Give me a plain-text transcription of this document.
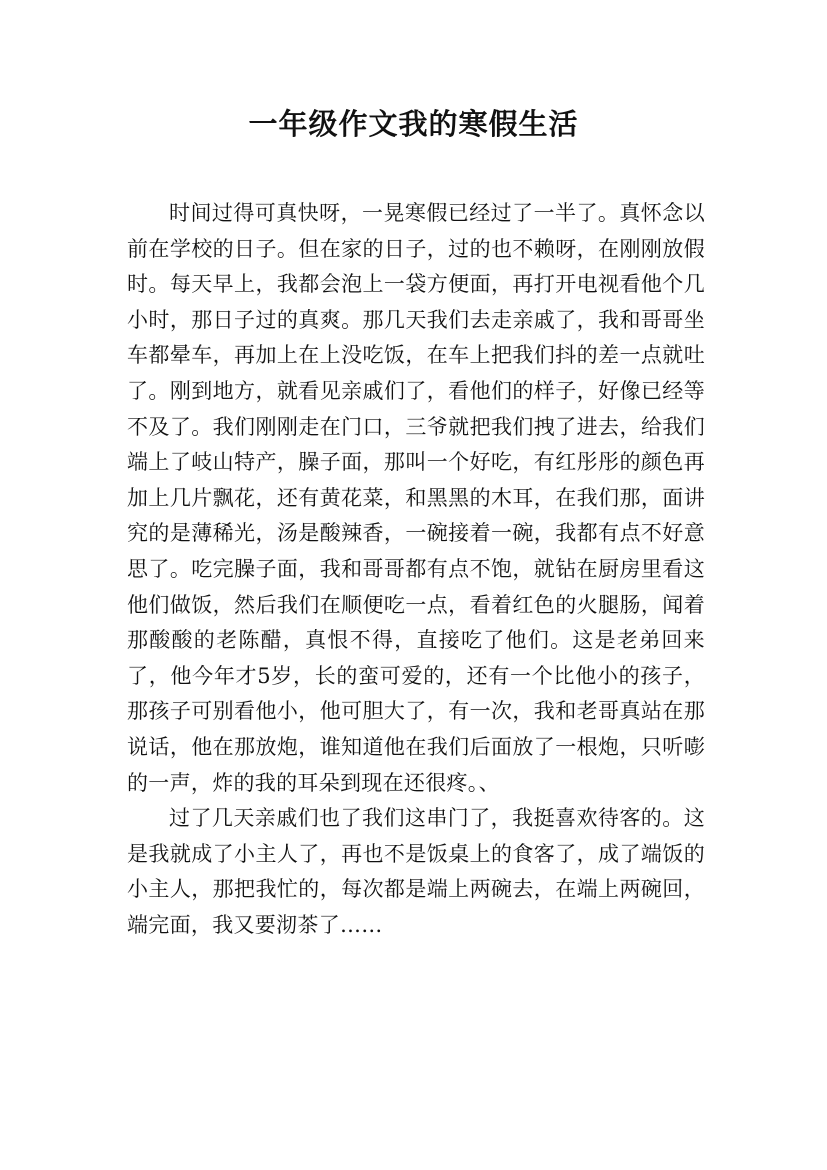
一年级作文我的寒假生活

时间过得可真快呀，一晃寒假已经过了一半了。真怀念以前在学校的日子。但在家的日子，过的也不赖呀，在刚刚放假时。每天早上，我都会泡上一袋方便面，再打开电视看他个几小时，那日子过的真爽。那几天我们去走亲戚了，我和哥哥坐车都晕车，再加上在上没吃饭，在车上把我们抖的差一点就吐了。刚到地方，就看见亲戚们了，看他们的样子，好像已经等不及了。我们刚刚走在门口，三爷就把我们拽了进去，给我们端上了岐山特产，臊子面，那叫一个好吃，有红彤彤的颜色再加上几片飘花，还有黄花菜，和黑黑的木耳，在我们那，面讲究的是薄稀光，汤是酸辣香，一碗接着一碗，我都有点不好意思了。吃完臊子面，我和哥哥都有点不饱，就钻在厨房里看这他们做饭，然后我们在顺便吃一点，看着红色的火腿肠，闻着那酸酸的老陈醋，真恨不得，直接吃了他们。这是老弟回来了，他今年才5岁，长的蛮可爱的，还有一个比他小的孩子，那孩子可别看他小，他可胆大了，有一次，我和老哥真站在那说话，他在那放炮，谁知道他在我们后面放了一根炮，只听嘭的一声，炸的我的耳朵到现在还很疼。、

过了几天亲戚们也了我们这串门了，我挺喜欢待客的。这是我就成了小主人了，再也不是饭桌上的食客了，成了端饭的小主人，那把我忙的，每次都是端上两碗去，在端上两碗回，端完面，我又要沏茶了……
